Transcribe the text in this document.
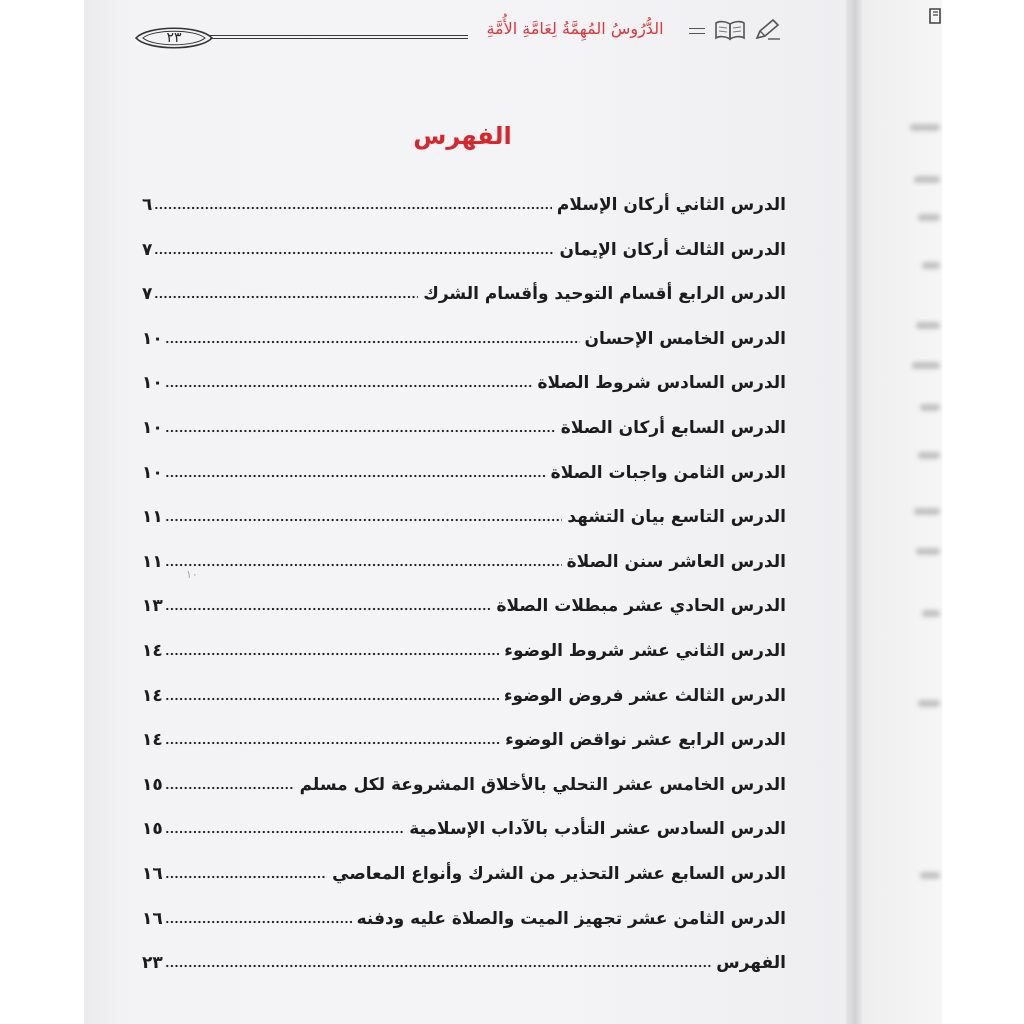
٢٣	الدُّرُوسُ المُهِمَّةُ لِعَامَّةِ الأُمَّةِ
الفهرس
الدرس الثاني أركان الإسلام
٦
الدرس الثالث أركان الإيمان
٧
الدرس الرابع أقسام التوحيد وأقسام الشرك
٧
الدرس الخامس الإحسان
١٠
الدرس السادس شروط الصلاة
١٠
الدرس السابع أركان الصلاة
١٠
الدرس الثامن واجبات الصلاة
١٠
الدرس التاسع بيان التشهد
١١
الدرس العاشر سنن الصلاة
١١
الدرس الحادي عشر مبطلات الصلاة
١٣
الدرس الثاني عشر شروط الوضوء
١٤
الدرس الثالث عشر فروض الوضوء
١٤
الدرس الرابع عشر نواقض الوضوء
١٤
الدرس الخامس عشر التحلي بالأخلاق المشروعة لكل مسلم
١٥
الدرس السادس عشر التأدب بالآداب الإسلامية
١٥
الدرس السابع عشر التحذير من الشرك وأنواع المعاصي
١٦
الدرس الثامن عشر تجهيز الميت والصلاة عليه ودفنه
١٦
الفهرس
٢٣
١٠
